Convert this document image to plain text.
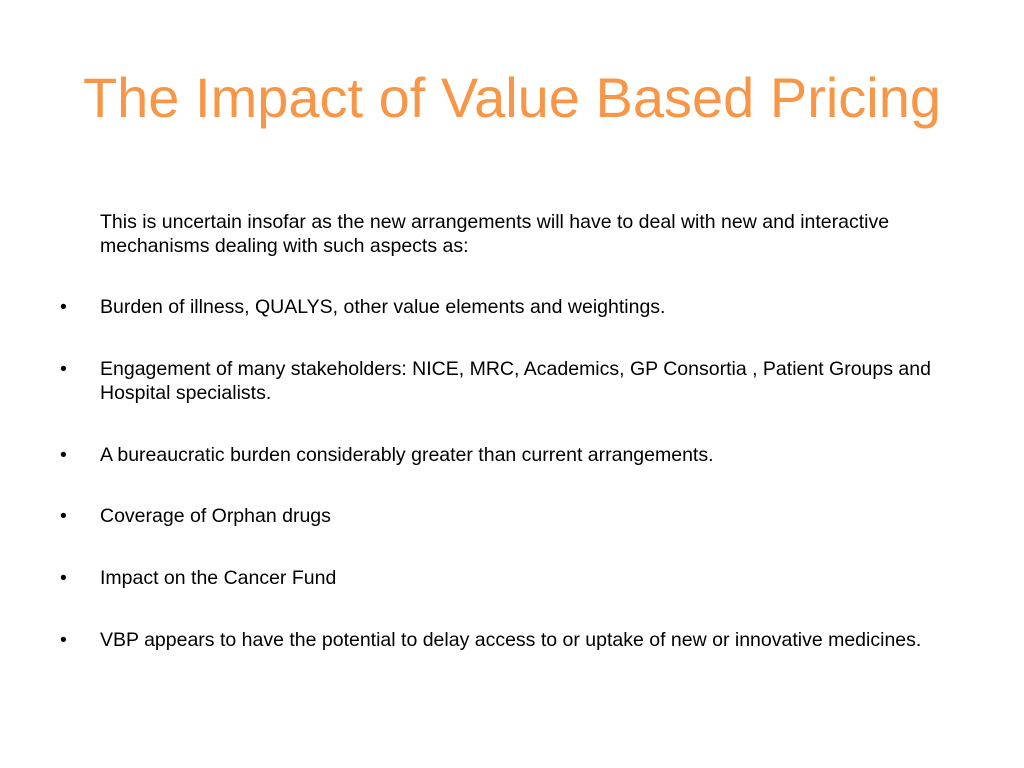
The Impact of Value Based Pricing

This is uncertain insofar as the new arrangements will have to deal with new and interactive mechanisms dealing with such aspects as:

•	Burden of illness, QUALYS, other value elements and weightings.
•	Engagement of many stakeholders: NICE, MRC, Academics, GP Consortia , Patient Groups and Hospital specialists.
•	A bureaucratic burden considerably greater than current arrangements.
•	Coverage of Orphan drugs
•	Impact on the Cancer Fund
•	VBP appears to have the potential to delay access to or uptake of new or innovative medicines.
